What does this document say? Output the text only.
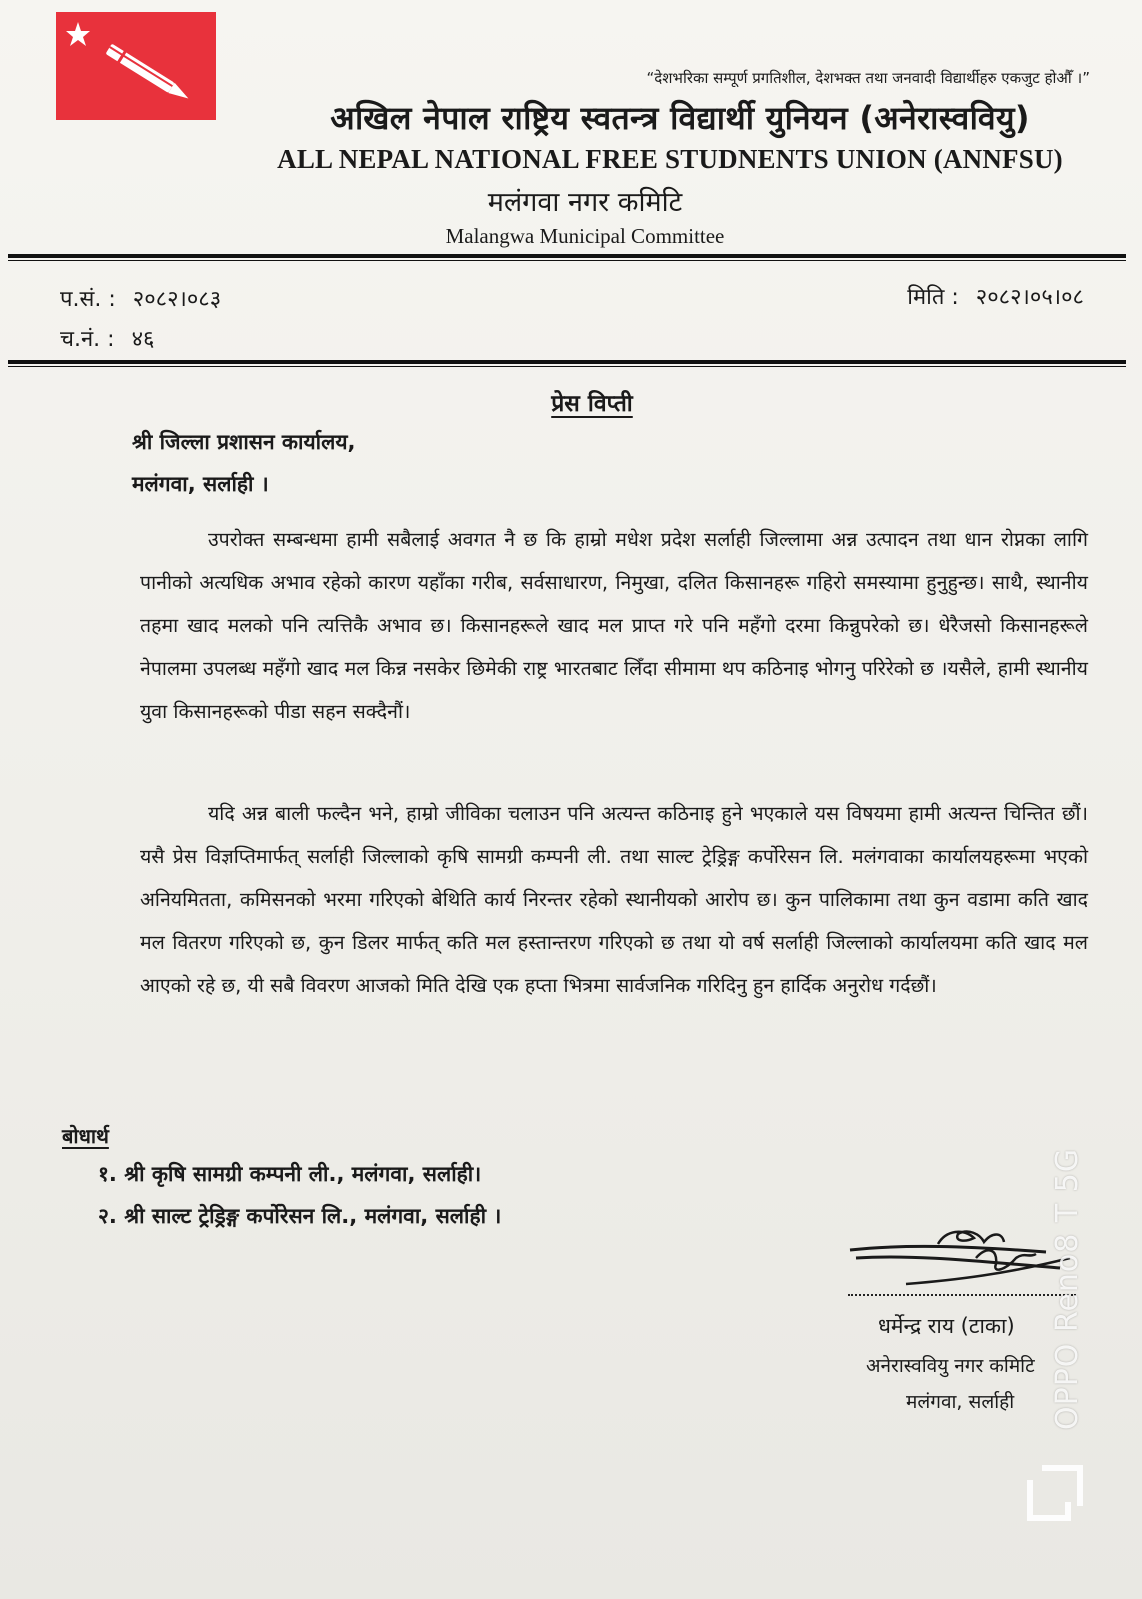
“देशभरिका सम्पूर्ण प्रगतिशील, देशभक्त तथा जनवादी विद्यार्थीहरु एकजुट होऔँ ।”
अखिल नेपाल राष्ट्रिय स्वतन्त्र विद्यार्थी युनियन (अनेरास्ववियु)
ALL NEPAL NATIONAL FREE STUDNENTS UNION (ANNFSU)
मलंगवा नगर कमिटि
Malangwa Municipal Committee
प.सं. : २०८२।०८३
च.नं. : ४६
मिति : २०८२।०५।०८
प्रेस विप्ती
श्री जिल्ला प्रशासन कार्यालय,
मलंगवा, सर्लाही ।
उपरोक्त सम्बन्धमा हामी सबैलाई अवगत नै छ कि हाम्रो मधेश प्रदेश सर्लाही जिल्लामा अन्न उत्पादन तथा धान रोप्नका लागि पानीको अत्यधिक अभाव रहेको कारण यहाँका गरीब, सर्वसाधारण, निमुखा, दलित किसानहरू गहिरो समस्यामा हुनुहुन्छ। साथै, स्थानीय तहमा खाद मलको पनि त्यत्तिकै अभाव छ। किसानहरूले खाद मल प्राप्त गरे पनि महँगो दरमा किन्नुपरेको छ। धेरैजसो किसानहरूले नेपालमा उपलब्ध महँगो खाद मल किन्न नसकेर छिमेकी राष्ट्र भारतबाट लिँदा सीमामा थप कठिनाइ भोगनु परिरेको छ ।यसैले, हामी स्थानीय युवा किसानहरूको पीडा सहन सक्दैनौं।
यदि अन्न बाली फल्दैन भने, हाम्रो जीविका चलाउन पनि अत्यन्त कठिनाइ हुने भएकाले यस विषयमा हामी अत्यन्त चिन्तित छौं। यसै प्रेस विज्ञप्तिमार्फत् सर्लाही जिल्लाको कृषि सामग्री कम्पनी ली. तथा साल्ट ट्रेड्रिङ्ग कर्पोरेसन लि. मलंगवाका कार्यालयहरूमा भएको अनियमितता, कमिसनको भरमा गरिएको बेथिति कार्य निरन्तर रहेको स्थानीयको आरोप छ। कुन पालिकामा तथा कुन वडामा कति खाद मल वितरण गरिएको छ, कुन डिलर मार्फत् कति मल हस्तान्तरण गरिएको छ तथा यो वर्ष सर्लाही जिल्लाको कार्यालयमा कति खाद मल आएको रहे छ, यी सबै विवरण आजको मिति देखि एक हप्ता भित्रमा सार्वजनिक गरिदिनु हुन हार्दिक अनुरोध गर्दछौं।
बोधार्थ
१. श्री कृषि सामग्री कम्पनी ली., मलंगवा, सर्लाही।
२. श्री साल्ट ट्रेड्रिङ्ग कर्पोरेसन लि., मलंगवा, सर्लाही ।
धर्मेन्द्र राय (टाका)
अनेरास्ववियु नगर कमिटि
मलंगवा, सर्लाही OPPO Reno8 T 5G
